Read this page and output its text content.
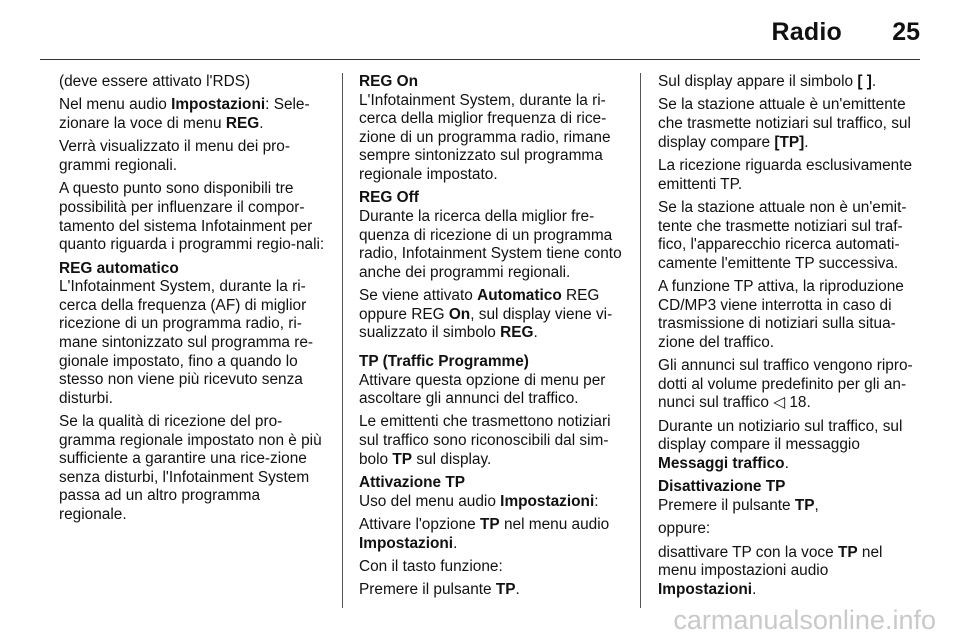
Radio 25

(deve essere attivato l'RDS)

Nel menu audio Impostazioni: Sele‐zionare la voce di menu REG.

Verrà visualizzato il menu dei pro‐grammi regionali.

A questo punto sono disponibili tre possibilità per influenzare il compor‐tamento del sistema Infotainment per quanto riguarda i programmi regio‐nali:

REG automatico

L'Infotainment System, durante la ri‐cerca della frequenza (AF) di miglior ricezione di un programma radio, ri‐mane sintonizzato sul programma re‐gionale impostato, fino a quando lo stesso non viene più ricevuto senza disturbi.

Se la qualità di ricezione del pro‐gramma regionale impostato non è più sufficiente a garantire una rice‐zione senza disturbi, l'Infotainment System passa ad un altro programma regionale.

REG On

L'Infotainment System, durante la ri‐cerca della miglior frequenza di rice‐zione di un programma radio, rimane sempre sintonizzato sul programma regionale impostato.

REG Off

Durante la ricerca della miglior fre‐quenza di ricezione di un programma radio, Infotainment System tiene conto anche dei programmi regionali.

Se viene attivato Automatico REG oppure REG On, sul display viene vi‐sualizzato il simbolo REG.

TP (Traffic Programme)

Attivare questa opzione di menu per ascoltare gli annunci del traffico.

Le emittenti che trasmettono notiziari sul traffico sono riconoscibili dal sim‐bolo TP sul display.

Attivazione TP

Uso del menu audio Impostazioni:

Attivare l'opzione TP nel menu audio Impostazioni.

Con il tasto funzione:

Premere il pulsante TP.

Sul display appare il simbolo [ ].

Se la stazione attuale è un'emittente che trasmette notiziari sul traffico, sul display compare [TP].

La ricezione riguarda esclusivamente emittenti TP.

Se la stazione attuale non è un'emit‐tente che trasmette notiziari sul traf‐fico, l'apparecchio ricerca automati‐camente l'emittente TP successiva.

A funzione TP attiva, la riproduzione CD/MP3 viene interrotta in caso di trasmissione di notiziari sulla situa‐zione del traffico.

Gli annunci sul traffico vengono ripro‐dotti al volume predefinito per gli an‐nunci sul traffico ◁ 18.

Durante un notiziario sul traffico, sul display compare il messaggio Messaggi traffico.

Disattivazione TP

Premere il pulsante TP,

oppure:

disattivare TP con la voce TP nel menu impostazioni audio Impostazioni.

carmanualsonline.info
